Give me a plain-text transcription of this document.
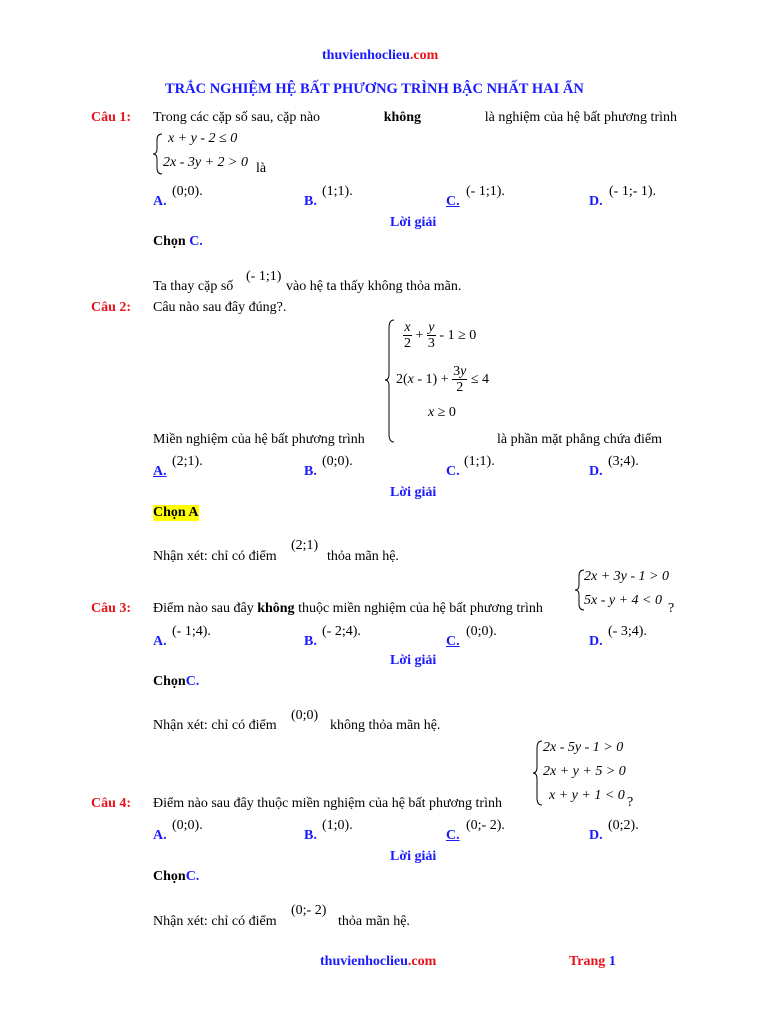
thuvienhoclieu.com
TRẮC NGHIỆM HỆ BẤT PHƯƠNG TRÌNH BẬC NHẤT HAI ẨN
Câu 1: Trong các cặp số sau, cặp nào	không	là nghiệm của hệ bất phương trình
x + y - 2 ≤ 0
2x - 3y + 2 > 0 là
A.
(0;0).
B.
(1;1).
C.
(- 1;1).
D.
(- 1;- 1).
Lời giải
Chọn C.
Ta thay cặp số
(- 1;1)
vào hệ ta thấy không thỏa mãn.
Câu 2: Câu nào sau đây đúng?.
$\frac{x}{2} + \frac{y}{3} - 1 \ge 0$
$2(x - 1) + \frac{3y}{2} \le 4$
x ≥ 0
Miền nghiệm của hệ bất phương trình	là phần mặt phẳng chứa điểm
A.
(2;1).
B.
(0;0).
C.
(1;1).
D.
(3;4).
Lời giải
Chọn A
Nhận xét: chỉ có điểm
(2;1)
thỏa mãn hệ.
2x + 3y - 1 > 0
5x - y + 4 < 0
?
Câu 3: Điểm nào sau đây không thuộc miền nghiệm của hệ bất phương trình
A.
(- 1;4).
B.
(- 2;4).
C.
(0;0).
D.
(- 3;4).
Lời giải
ChọnC.
Nhận xét: chỉ có điểm
(0;0)
không thỏa mãn hệ.
2x - 5y - 1 > 0
2x + y + 5 > 0
x + y + 1 < 0 ?
Câu 4: Điểm nào sau đây thuộc miền nghiệm của hệ bất phương trình
A.
(0;0).
B.
(1;0).
C.
(0;- 2).
D.
(0;2).
Lời giải
ChọnC.
Nhận xét: chỉ có điểm
(0;- 2)
thỏa mãn hệ.
thuvienhoclieu.com	Trang 1
